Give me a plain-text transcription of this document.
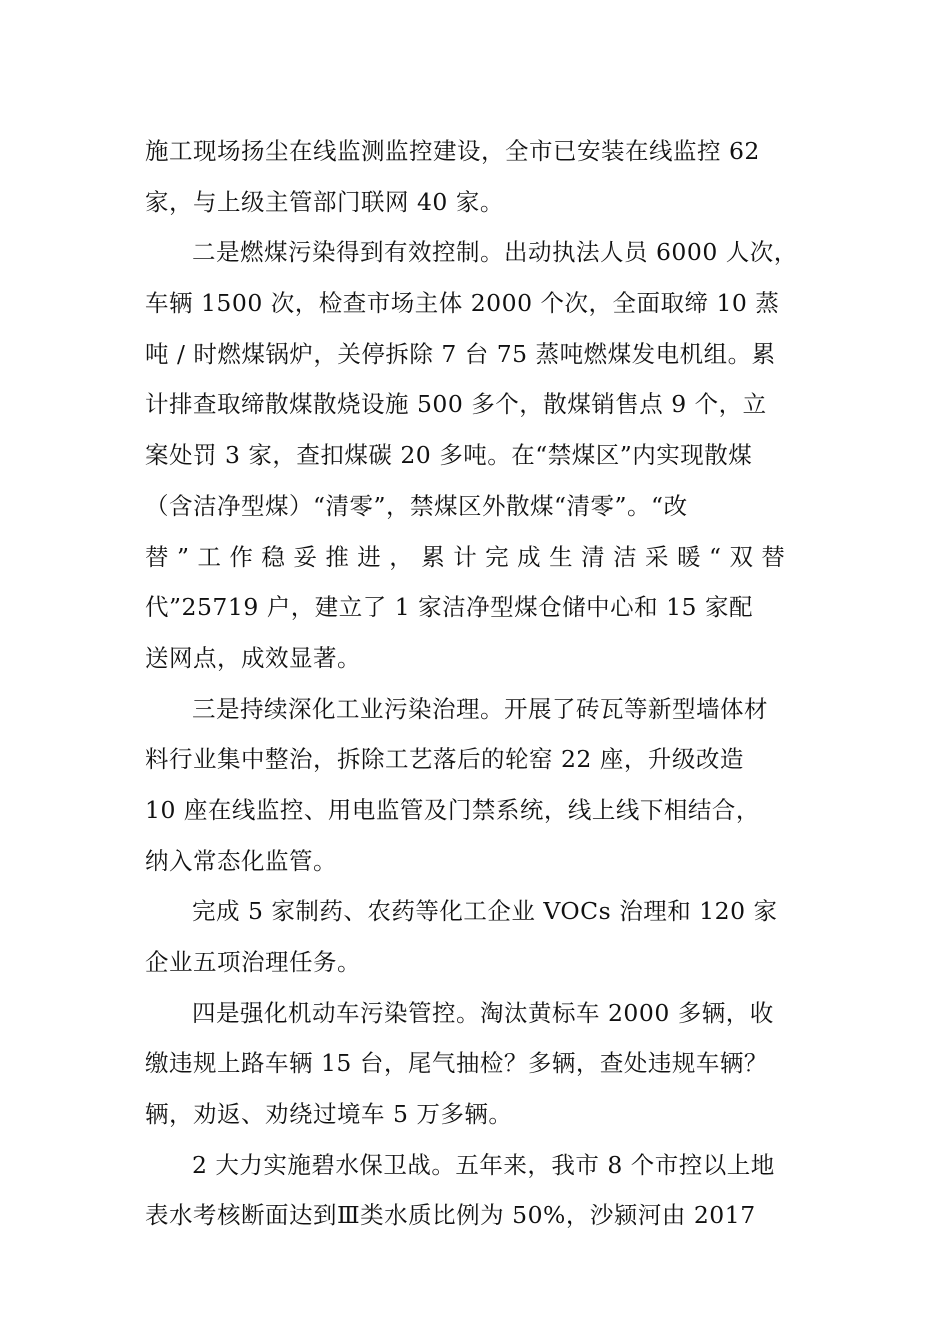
施工现场扬尘在线监测监控建设，全市已安装在线监控 62
家，与上级主管部门联网 40 家。
二是燃煤污染得到有效控制。出动执法人员 6000 人次，
车辆 1500 次，检查市场主体 2000 个次，全面取缔 10 蒸
吨 / 时燃煤锅炉，关停拆除 7 台 75 蒸吨燃煤发电机组。累
计排查取缔散煤散烧设施 500 多个，散煤销售点 9 个，立
案处罚 3 家，查扣煤碳 20 多吨。在“禁煤区”内实现散煤
（含洁净型煤）“清零”，禁煤区外散煤“清零”。“改
替 ” 工 作 稳 妥 推 进 ， 累 计 完 成 生 清 洁 采 暖 “ 双 替
代”25719 户，建立了 1 家洁净型煤仓储中心和 15 家配
送网点，成效显著。
三是持续深化工业污染治理。开展了砖瓦等新型墙体材
料行业集中整治，拆除工艺落后的轮窑 22 座，升级改造
10 座在线监控、用电监管及门禁系统，线上线下相结合，
纳入常态化监管。
完成 5 家制药、农药等化工企业 VOCs 治理和 120 家
企业五项治理任务。
四是强化机动车污染管控。淘汰黄标车 2000 多辆，收
缴违规上路车辆 15 台，尾气抽检？多辆，查处违规车辆？
辆，劝返、劝绕过境车 5 万多辆。
2 大力实施碧水保卫战。五年来，我市 8 个市控以上地
表水考核断面达到Ⅲ类水质比例为 50%，沙颍河由 2017
